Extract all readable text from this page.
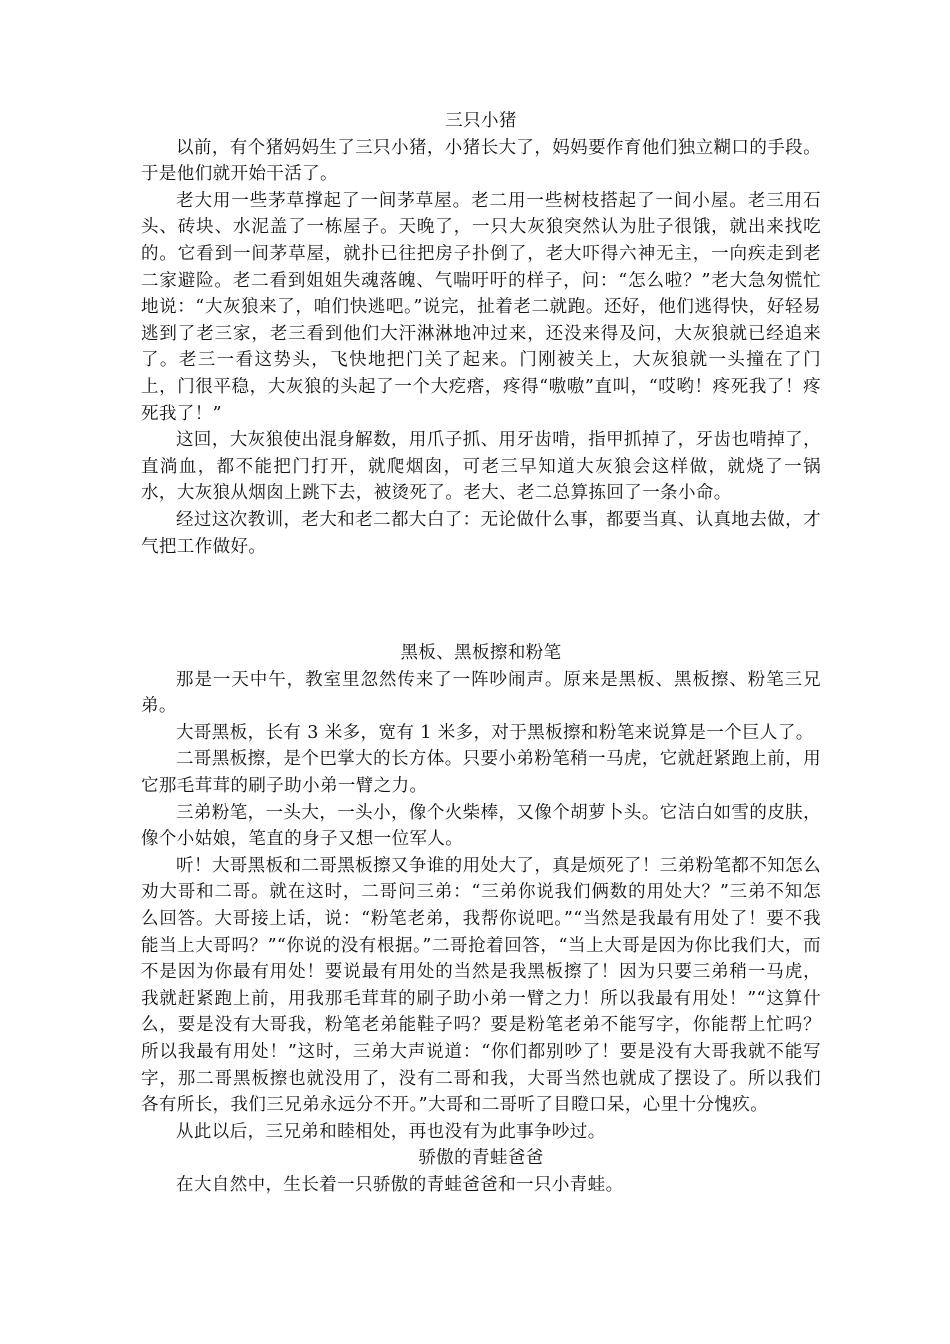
三只小猪

以前，有个猪妈妈生了三只小猪，小猪长大了，妈妈要作育他们独立糊口的手段。于是他们就开始干活了。

老大用一些茅草撑起了一间茅草屋。老二用一些树枝搭起了一间小屋。老三用石头、砖块、水泥盖了一栋屋子。天晚了，一只大灰狼突然认为肚子很饿，就出来找吃的。它看到一间茅草屋，就扑已往把房子扑倒了，老大吓得六神无主，一向疾走到老二家避险。老二看到姐姐失魂落魄、气喘吁吁的样子，问：“怎么啦？”老大急匆慌忙地说：“大灰狼来了，咱们快逃吧。”说完，扯着老二就跑。还好，他们逃得快，好轻易逃到了老三家，老三看到他们大汗淋淋地冲过来，还没来得及问，大灰狼就已经追来了。老三一看这势头，飞快地把门关了起来。门刚被关上，大灰狼就一头撞在了门上，门很平稳，大灰狼的头起了一个大疙瘩，疼得“嗷嗷”直叫，“哎哟！疼死我了！疼死我了！”

这回，大灰狼使出混身解数，用爪子抓、用牙齿啃，指甲抓掉了，牙齿也啃掉了，直淌血，都不能把门打开，就爬烟囱，可老三早知道大灰狼会这样做，就烧了一锅水，大灰狼从烟囱上跳下去，被烫死了。老大、老二总算拣回了一条小命。

经过这次教训，老大和老二都大白了：无论做什么事，都要当真、认真地去做，才气把工作做好。

黑板、黑板擦和粉笔

那是一天中午，教室里忽然传来了一阵吵闹声。原来是黑板、黑板擦、粉笔三兄弟。

大哥黑板，长有 3 米多，宽有 1 米多，对于黑板擦和粉笔来说算是一个巨人了。

二哥黑板擦，是个巴掌大的长方体。只要小弟粉笔稍一马虎，它就赶紧跑上前，用它那毛茸茸的刷子助小弟一臂之力。

三弟粉笔，一头大，一头小，像个火柴棒，又像个胡萝卜头。它洁白如雪的皮肤，像个小姑娘，笔直的身子又想一位军人。

听！大哥黑板和二哥黑板擦又争谁的用处大了，真是烦死了！三弟粉笔都不知怎么劝大哥和二哥。就在这时，二哥问三弟：“三弟你说我们俩数的用处大？”三弟不知怎么回答。大哥接上话，说：“粉笔老弟，我帮你说吧。”“当然是我最有用处了！要不我能当上大哥吗？”“你说的没有根据。”二哥抢着回答，“当上大哥是因为你比我们大，而不是因为你最有用处！要说最有用处的当然是我黑板擦了！因为只要三弟稍一马虎，我就赶紧跑上前，用我那毛茸茸的刷子助小弟一臂之力！所以我最有用处！”“这算什么，要是没有大哥我，粉笔老弟能鞋子吗？要是粉笔老弟不能写字，你能帮上忙吗？所以我最有用处！”这时，三弟大声说道：“你们都别吵了！要是没有大哥我就不能写字，那二哥黑板擦也就没用了，没有二哥和我，大哥当然也就成了摆设了。所以我们各有所长，我们三兄弟永远分不开。”大哥和二哥听了目瞪口呆，心里十分愧疚。

从此以后，三兄弟和睦相处，再也没有为此事争吵过。

骄傲的青蛙爸爸

在大自然中，生长着一只骄傲的青蛙爸爸和一只小青蛙。
